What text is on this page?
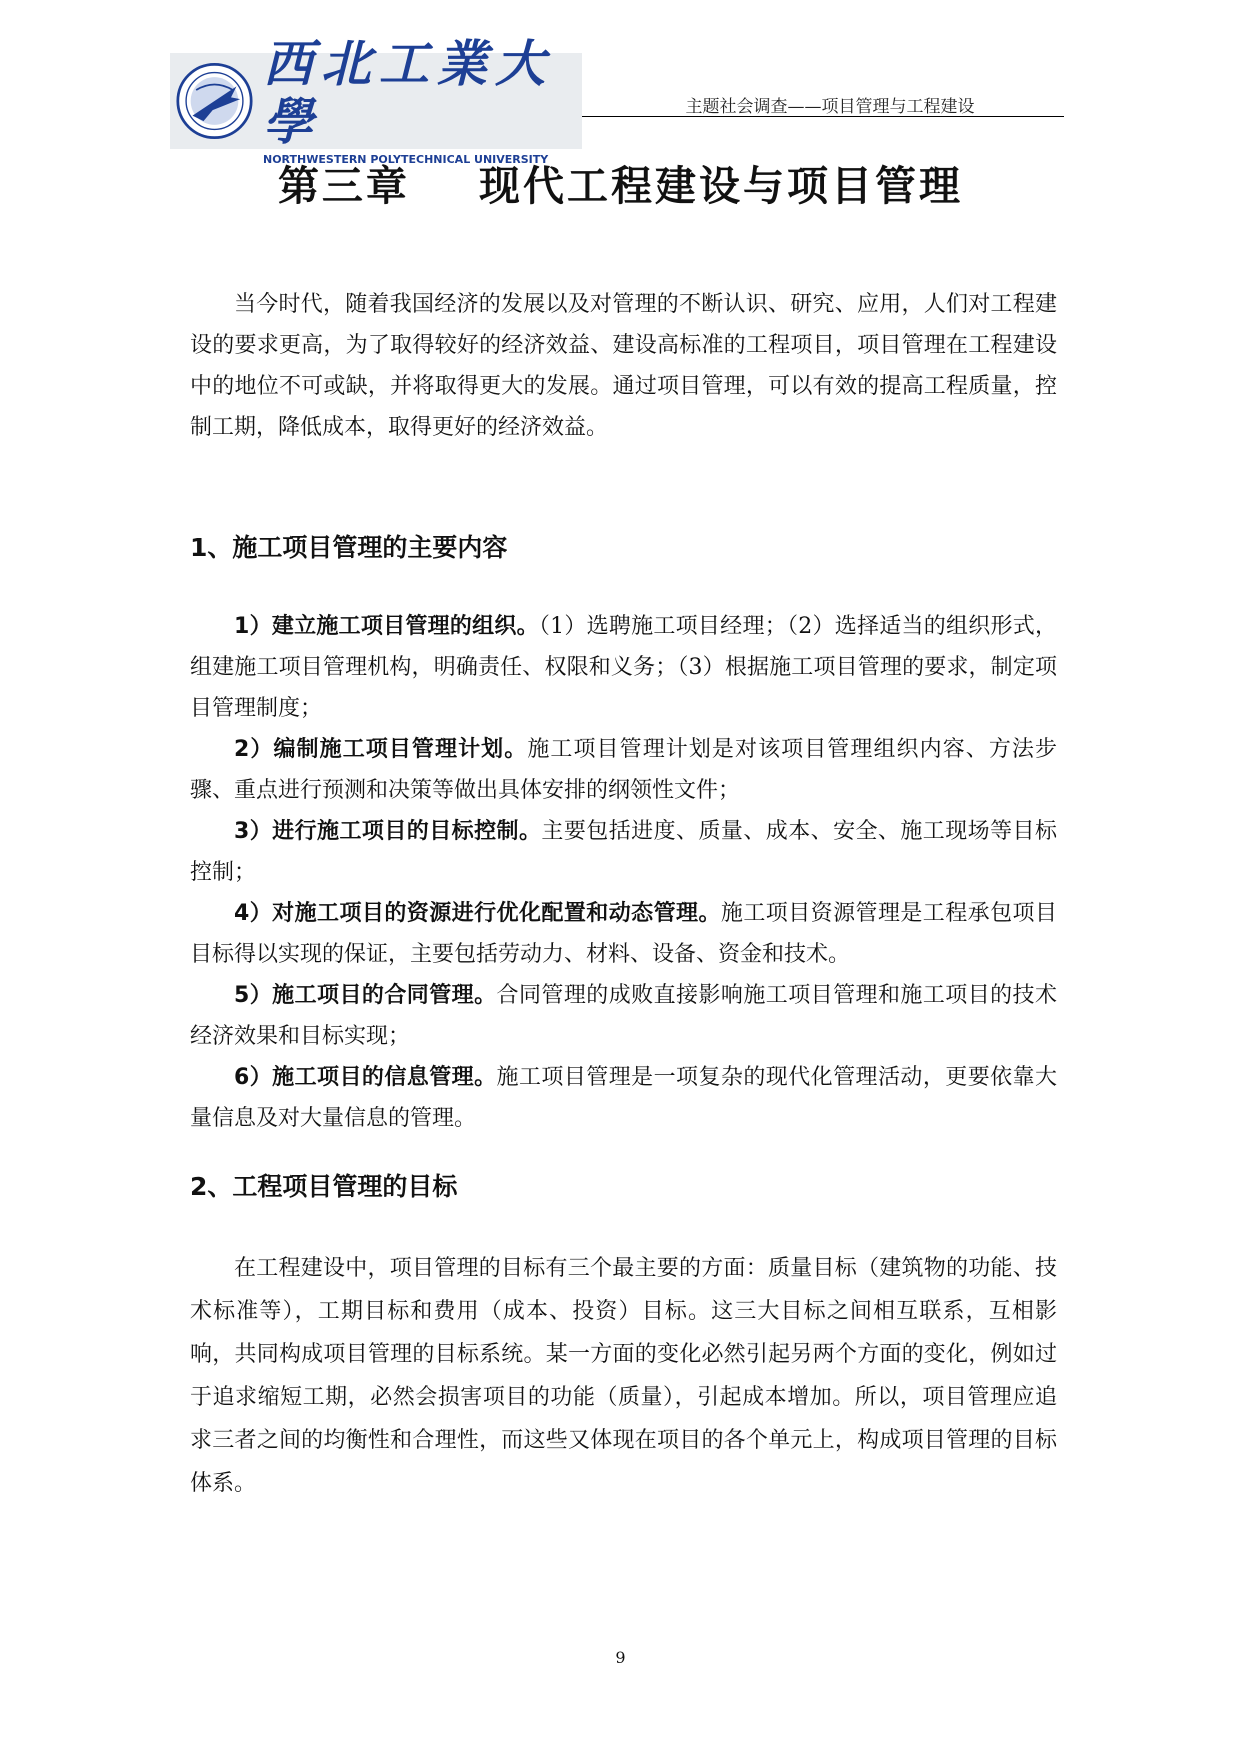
西北工業大學
NORTHWESTERN POLYTECHNICAL UNIVERSITY
主题社会调查——项目管理与工程建设
第三章    现代工程建设与项目管理

当今时代，随着我国经济的发展以及对管理的不断认识、研究、应用，人们对工程建设的要求更高，为了取得较好的经济效益、建设高标准的工程项目，项目管理在工程建设中的地位不可或缺，并将取得更大的发展。通过项目管理，可以有效的提高工程质量，控制工期，降低成本，取得更好的经济效益。

1、施工项目管理的主要内容

1）建立施工项目管理的组织。（1）选聘施工项目经理；（2）选择适当的组织形式，组建施工项目管理机构，明确责任、权限和义务；（3）根据施工项目管理的要求，制定项目管理制度；

2）编制施工项目管理计划。施工项目管理计划是对该项目管理组织内容、方法步骤、重点进行预测和决策等做出具体安排的纲领性文件；

3）进行施工项目的目标控制。主要包括进度、质量、成本、安全、施工现场等目标控制；

4）对施工项目的资源进行优化配置和动态管理。施工项目资源管理是工程承包项目目标得以实现的保证，主要包括劳动力、材料、设备、资金和技术。

5）施工项目的合同管理。合同管理的成败直接影响施工项目管理和施工项目的技术经济效果和目标实现；

6）施工项目的信息管理。施工项目管理是一项复杂的现代化管理活动，更要依靠大量信息及对大量信息的管理。

2、工程项目管理的目标

在工程建设中，项目管理的目标有三个最主要的方面：质量目标（建筑物的功能、技术标准等），工期目标和费用（成本、投资）目标。这三大目标之间相互联系，互相影响，共同构成项目管理的目标系统。某一方面的变化必然引起另两个方面的变化，例如过于追求缩短工期，必然会损害项目的功能（质量），引起成本增加。所以，项目管理应追求三者之间的均衡性和合理性，而这些又体现在项目的各个单元上，构成项目管理的目标体系。

9
